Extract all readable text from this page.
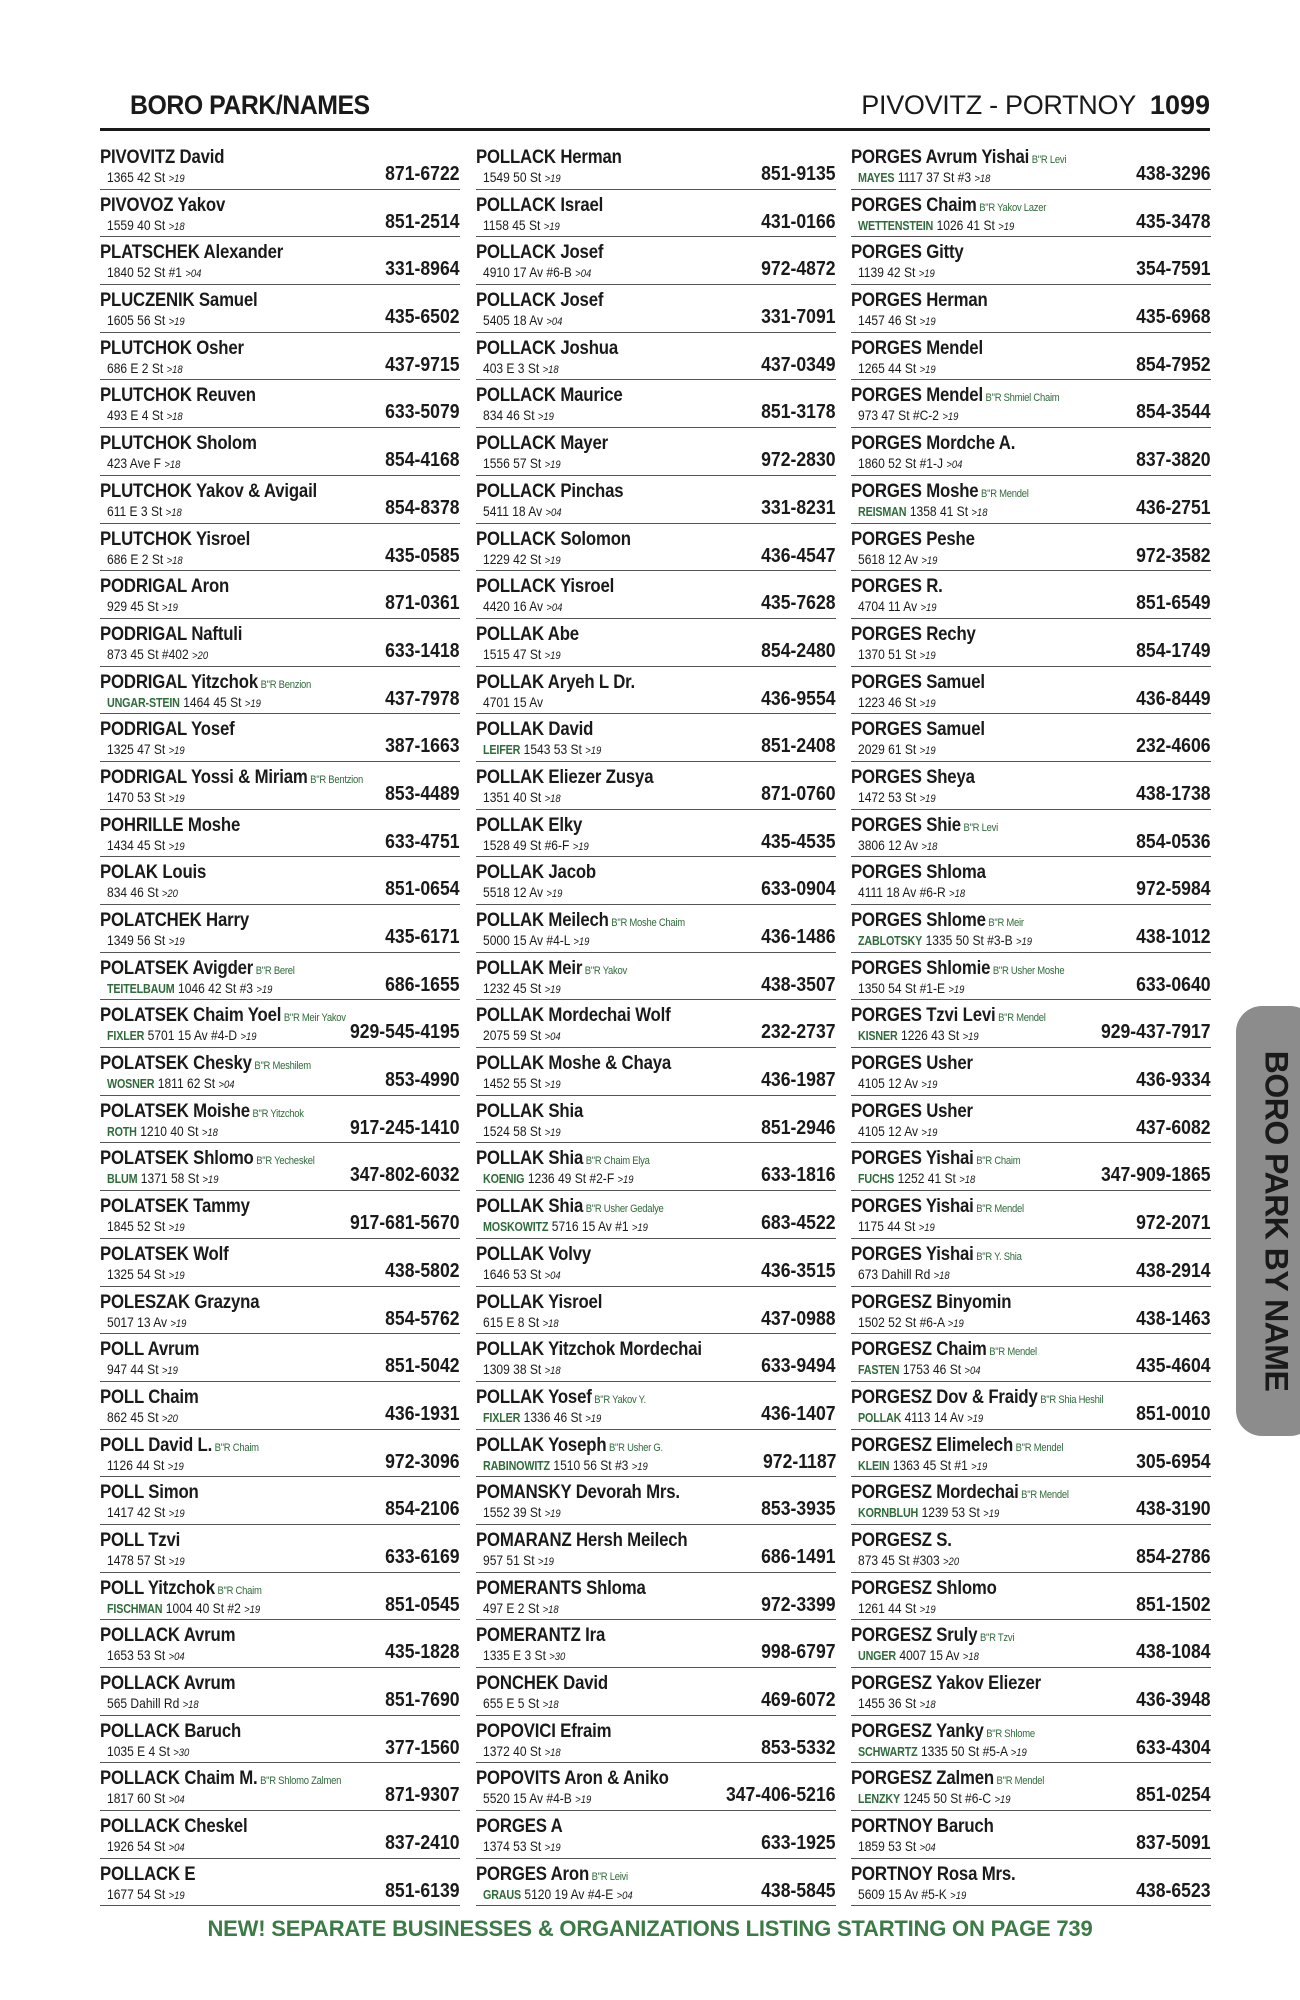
BORO PARK/NAMES	PIVOVITZ - PORTNOY 1099
PIVOVITZ David
1365 42 St >19	871-6722
PIVOVOZ Yakov
1559 40 St >18	851-2514
PLATSCHEK Alexander
1840 52 St #1 >04	331-8964
PLUCZENIK Samuel
1605 56 St >19	435-6502
PLUTCHOK Osher
686 E 2 St >18	437-9715
PLUTCHOK Reuven
493 E 4 St >18	633-5079
PLUTCHOK Sholom
423 Ave F >18	854-4168
PLUTCHOK Yakov & Avigail
611 E 3 St >18	854-8378
PLUTCHOK Yisroel
686 E 2 St >18	435-0585
PODRIGAL Aron
929 45 St >19	871-0361
PODRIGAL Naftuli
873 45 St #402 >20	633-1418
PODRIGAL Yitzchok B"R Benzion
UNGAR-STEIN 1464 45 St >19	437-7978
PODRIGAL Yosef
1325 47 St >19	387-1663
PODRIGAL Yossi & Miriam B"R Bentzion
1470 53 St >19	853-4489
POHRILLE Moshe
1434 45 St >19	633-4751
POLAK Louis
834 46 St >20	851-0654
POLATCHEK Harry
1349 56 St >19	435-6171
POLATSEK Avigder B"R Berel
TEITELBAUM 1046 42 St #3 >19	686-1655
POLATSEK Chaim Yoel B"R Meir Yakov
FIXLER 5701 15 Av #4-D >19	929-545-4195
POLATSEK Chesky B"R Meshilem
WOSNER 1811 62 St >04	853-4990
POLATSEK Moishe B"R Yitzchok
ROTH 1210 40 St >18	917-245-1410
POLATSEK Shlomo B"R Yecheskel
BLUM 1371 58 St >19	347-802-6032
POLATSEK Tammy
1845 52 St >19	917-681-5670
POLATSEK Wolf
1325 54 St >19	438-5802
POLESZAK Grazyna
5017 13 Av >19	854-5762
POLL Avrum
947 44 St >19	851-5042
POLL Chaim
862 45 St >20	436-1931
POLL David L. B"R Chaim
1126 44 St >19	972-3096
POLL Simon
1417 42 St >19	854-2106
POLL Tzvi
1478 57 St >19	633-6169
POLL Yitzchok B"R Chaim
FISCHMAN 1004 40 St #2 >19	851-0545
POLLACK Avrum
1653 53 St >04	435-1828
POLLACK Avrum
565 Dahill Rd >18	851-7690
POLLACK Baruch
1035 E 4 St >30	377-1560
POLLACK Chaim M. B"R Shlomo Zalmen
1817 60 St >04	871-9307
POLLACK Cheskel
1926 54 St >04	837-2410
POLLACK E
1677 54 St >19	851-6139
POLLACK Herman
1549 50 St >19	851-9135
POLLACK Israel
1158 45 St >19	431-0166
POLLACK Josef
4910 17 Av #6-B >04	972-4872
POLLACK Josef
5405 18 Av >04	331-7091
POLLACK Joshua
403 E 3 St >18	437-0349
POLLACK Maurice
834 46 St >19	851-3178
POLLACK Mayer
1556 57 St >19	972-2830
POLLACK Pinchas
5411 18 Av >04	331-8231
POLLACK Solomon
1229 42 St >19	436-4547
POLLACK Yisroel
4420 16 Av >04	435-7628
POLLAK Abe
1515 47 St >19	854-2480
POLLAK Aryeh L Dr.
4701 15 Av	436-9554
POLLAK David
LEIFER 1543 53 St >19	851-2408
POLLAK Eliezer Zusya
1351 40 St >18	871-0760
POLLAK Elky
1528 49 St #6-F >19	435-4535
POLLAK Jacob
5518 12 Av >19	633-0904
POLLAK Meilech B"R Moshe Chaim
5000 15 Av #4-L >19	436-1486
POLLAK Meir B"R Yakov
1232 45 St >19	438-3507
POLLAK Mordechai Wolf
2075 59 St >04	232-2737
POLLAK Moshe & Chaya
1452 55 St >19	436-1987
POLLAK Shia
1524 58 St >19	851-2946
POLLAK Shia B"R Chaim Elya
KOENIG 1236 49 St #2-F >19	633-1816
POLLAK Shia B"R Usher Gedalye
MOSKOWITZ 5716 15 Av #1 >19	683-4522
POLLAK Volvy
1646 53 St >04	436-3515
POLLAK Yisroel
615 E 8 St >18	437-0988
POLLAK Yitzchok Mordechai
1309 38 St >18	633-9494
POLLAK Yosef B"R Yakov Y.
FIXLER 1336 46 St >19	436-1407
POLLAK Yoseph B"R Usher G.
RABINOWITZ 1510 56 St #3 >19	972-1187
POMANSKY Devorah Mrs.
1552 39 St >19	853-3935
POMARANZ Hersh Meilech
957 51 St >19	686-1491
POMERANTS Shloma
497 E 2 St >18	972-3399
POMERANTZ Ira
1335 E 3 St >30	998-6797
PONCHEK David
655 E 5 St >18	469-6072
POPOVICI Efraim
1372 40 St >18	853-5332
POPOVITS Aron & Aniko
5520 15 Av #4-B >19	347-406-5216
PORGES A
1374 53 St >19	633-1925
PORGES Aron B"R Leivi
GRAUS 5120 19 Av #4-E >04	438-5845
PORGES Avrum Yishai B"R Levi
MAYES 1117 37 St #3 >18	438-3296
PORGES Chaim B"R Yakov Lazer
WETTENSTEIN 1026 41 St >19	435-3478
PORGES Gitty
1139 42 St >19	354-7591
PORGES Herman
1457 46 St >19	435-6968
PORGES Mendel
1265 44 St >19	854-7952
PORGES Mendel B"R Shmiel Chaim
973 47 St #C-2 >19	854-3544
PORGES Mordche A.
1860 52 St #1-J >04	837-3820
PORGES Moshe B"R Mendel
REISMAN 1358 41 St >18	436-2751
PORGES Peshe
5618 12 Av >19	972-3582
PORGES R.
4704 11 Av >19	851-6549
PORGES Rechy
1370 51 St >19	854-1749
PORGES Samuel
1223 46 St >19	436-8449
PORGES Samuel
2029 61 St >19	232-4606
PORGES Sheya
1472 53 St >19	438-1738
PORGES Shie B"R Levi
3806 12 Av >18	854-0536
PORGES Shloma
4111 18 Av #6-R >18	972-5984
PORGES Shlome B"R Meir
ZABLOTSKY 1335 50 St #3-B >19	438-1012
PORGES Shlomie B"R Usher Moshe
1350 54 St #1-E >19	633-0640
PORGES Tzvi Levi B"R Mendel
KISNER 1226 43 St >19	929-437-7917
PORGES Usher
4105 12 Av >19	436-9334
PORGES Usher
4105 12 Av >19	437-6082
PORGES Yishai B"R Chaim
FUCHS 1252 41 St >18	347-909-1865
PORGES Yishai B"R Mendel
1175 44 St >19	972-2071
PORGES Yishai B"R Y. Shia
673 Dahill Rd >18	438-2914
PORGESZ Binyomin
1502 52 St #6-A >19	438-1463
PORGESZ Chaim B"R Mendel
FASTEN 1753 46 St >04	435-4604
PORGESZ Dov & Fraidy B"R Shia Heshil
POLLAK 4113 14 Av >19	851-0010
PORGESZ Elimelech B"R Mendel
KLEIN 1363 45 St #1 >19	305-6954
PORGESZ Mordechai B"R Mendel
KORNBLUH 1239 53 St >19	438-3190
PORGESZ S.
873 45 St #303 >20	854-2786
PORGESZ Shlomo
1261 44 St >19	851-1502
PORGESZ Sruly B"R Tzvi
UNGER 4007 15 Av >18	438-1084
PORGESZ Yakov Eliezer
1455 36 St >18	436-3948
PORGESZ Yanky B"R Shlome
SCHWARTZ 1335 50 St #5-A >19	633-4304
PORGESZ Zalmen B"R Mendel
LENZKY 1245 50 St #6-C >19	851-0254
PORTNOY Baruch
1859 53 St >04	837-5091
PORTNOY Rosa Mrs.
5609 15 Av #5-K >19	438-6523
BORO PARK BY NAME
NEW! SEPARATE BUSINESSES & ORGANIZATIONS LISTING STARTING ON PAGE 739
